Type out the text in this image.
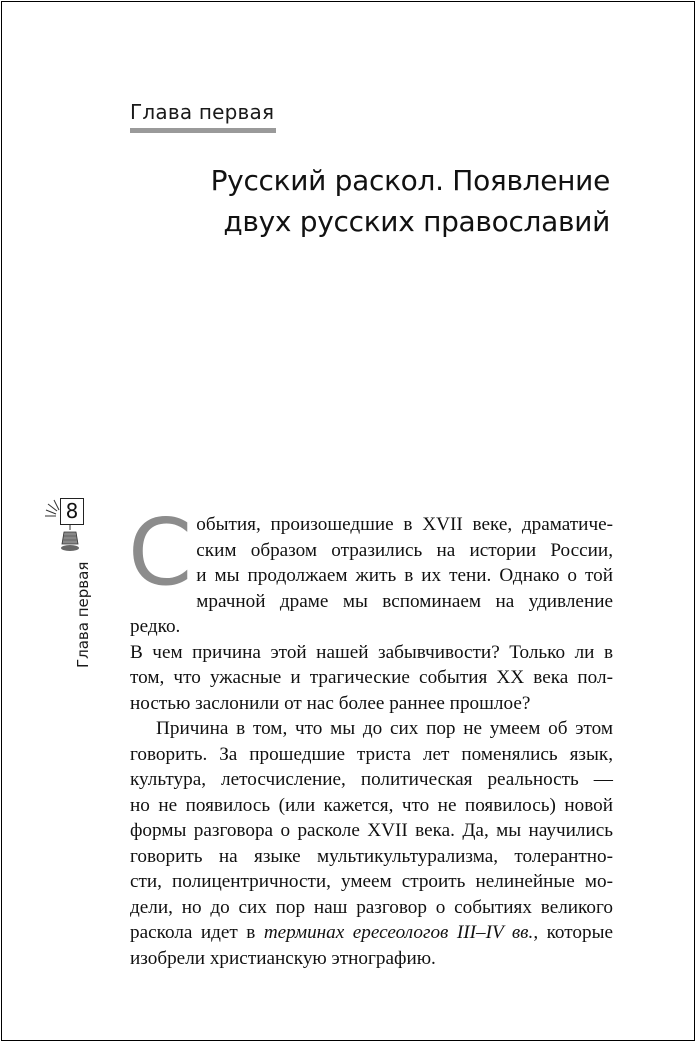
Глава первая
Русский раскол. Появление
двух русских православий
8
Глава первая

С обытия, произошедшие в XVII веке, драматиче-
ским образом отразились на истории России,
и мы продолжаем жить в их тени. Однако о той
мрачной драме мы вспоминаем на удивление редко.
В чем причина этой нашей забывчивости? Только ли в
том, что ужасные и трагические события XX века пол-
ностью заслонили от нас более раннее прошлое?

Причина в том, что мы до сих пор не умеем об этом
говорить. За прошедшие триста лет поменялись язык,
культура, летосчисление, политическая реальность —
но не появилось (или кажется, что не появилось) новой
формы разговора о расколе XVII века. Да, мы научились
говорить на языке мультикультурализма, толерантно-
сти, полицентричности, умеем строить нелинейные мо-
дели, но до сих пор наш разговор о событиях великого
раскола идет в терминах ересеологов III–IV вв., которые
изобрели христианскую этнографию.
